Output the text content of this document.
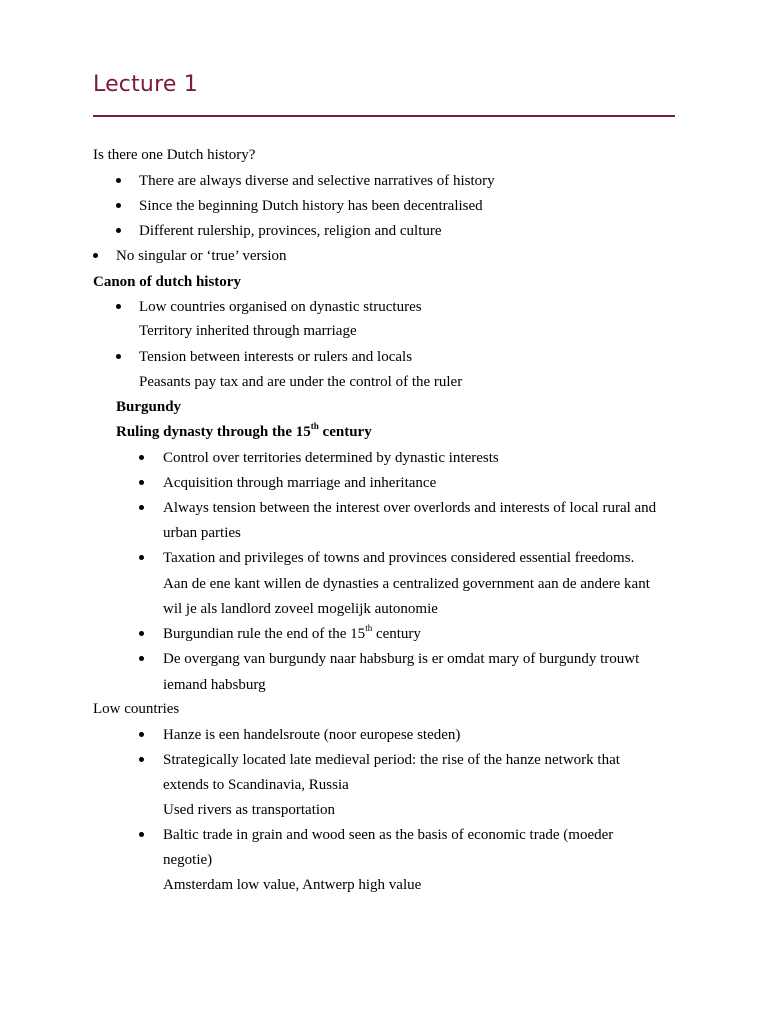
Lecture 1
Is there one Dutch history?
There are always diverse and selective narratives of history
Since the beginning Dutch history has been decentralised
Different rulership, provinces, religion and culture
No singular or ‘true’ version
Canon of dutch history
Low countries organised on dynastic structures
Territory inherited through marriage
Tension between interests or rulers and locals
Peasants pay tax and are under the control of the ruler
Burgundy
Ruling dynasty through the 15th century
Control over territories determined by dynastic interests
Acquisition through marriage and inheritance
Always tension between the interest over overlords and interests of local rural and
urban parties
Taxation and privileges of towns and provinces considered essential freedoms.
Aan de ene kant willen de dynasties a centralized government aan de andere kant
wil je als landlord zoveel mogelijk autonomie
Burgundian rule the end of the 15th century
De overgang van burgundy naar habsburg is er omdat mary of burgundy trouwt
iemand habsburg
Low countries
Hanze is een handelsroute (noor europese steden)
Strategically located late medieval period: the rise of the hanze network that
extends to Scandinavia, Russia
Used rivers as transportation
Baltic trade in grain and wood seen as the basis of economic trade (moeder
negotie)
Amsterdam low value, Antwerp high value
